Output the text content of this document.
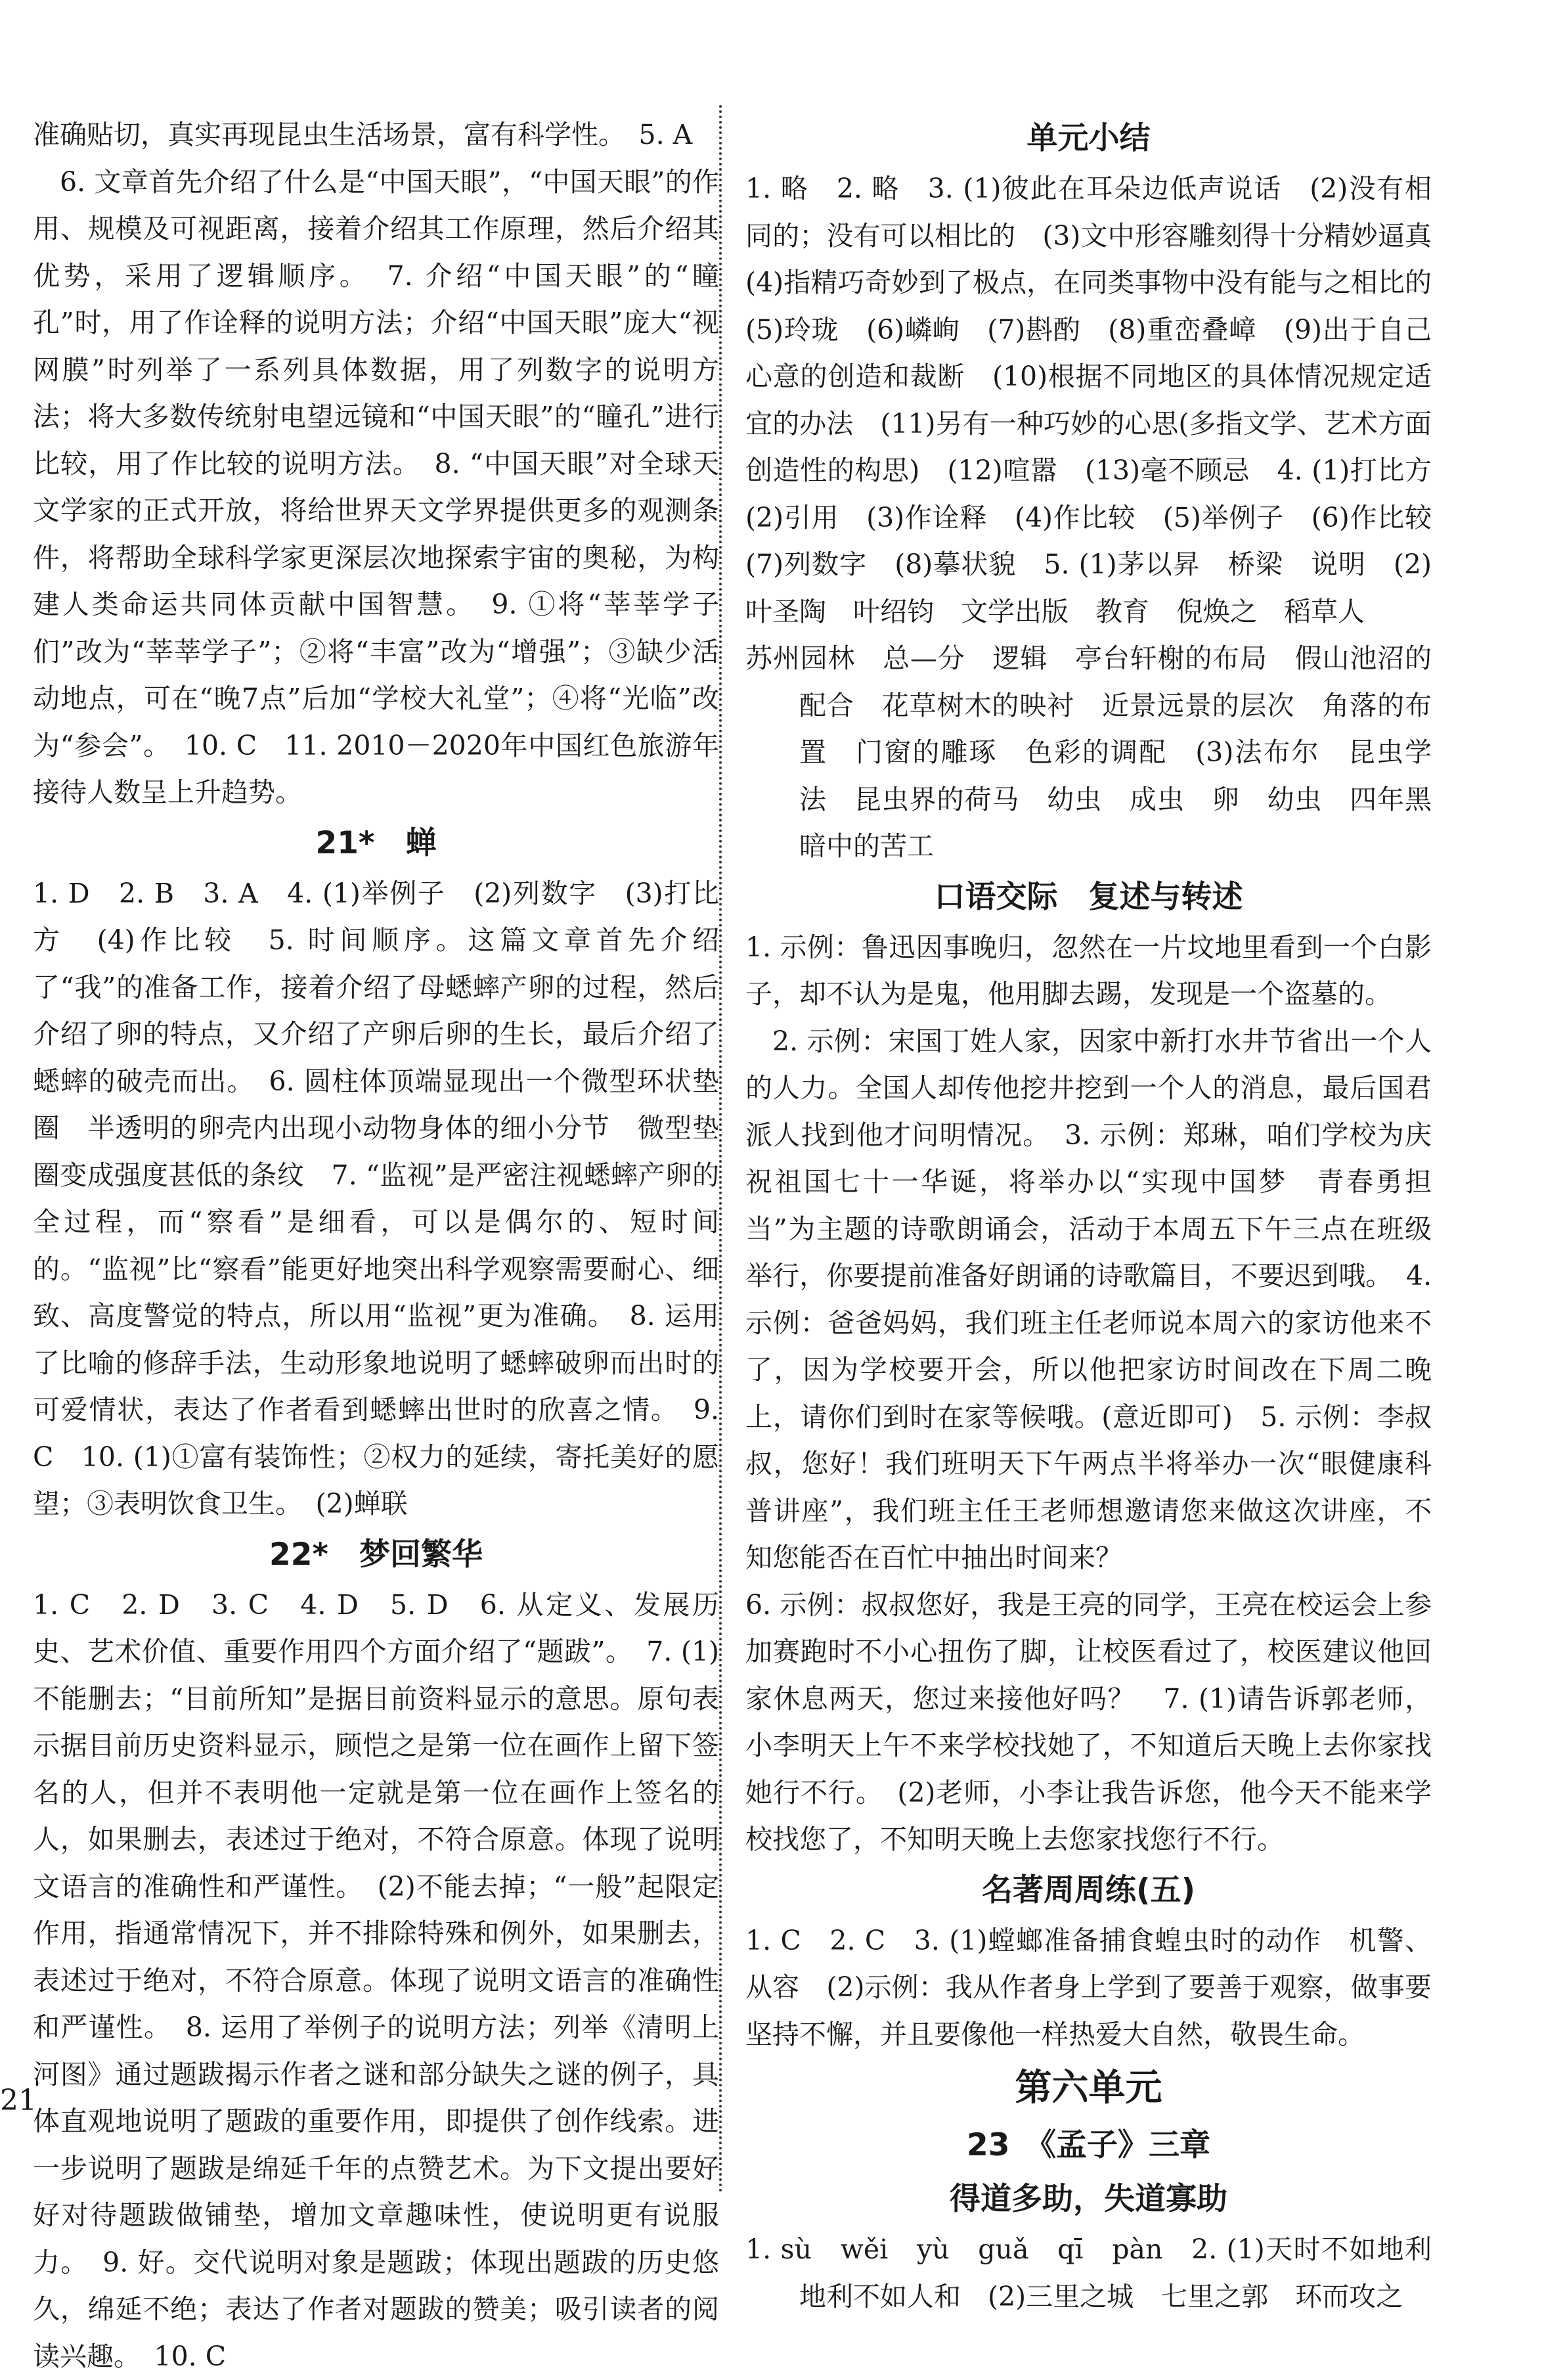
准确贴切，真实再现昆虫生活场景，富有科学性。　5. A

6. 文章首先介绍了什么是“中国天眼”，“中国天眼”的作用、规模及可视距离，接着介绍其工作原理，然后介绍其优势，采用了逻辑顺序。　7. 介绍“中国天眼”的“瞳孔”时，用了作诠释的说明方法；介绍“中国天眼”庞大“视网膜”时列举了一系列具体数据，用了列数字的说明方法；将大多数传统射电望远镜和“中国天眼”的“瞳孔”进行比较，用了作比较的说明方法。　8. “中国天眼”对全球天文学家的正式开放，将给世界天文学界提供更多的观测条件，将帮助全球科学家更深层次地探索宇宙的奥秘，为构建人类命运共同体贡献中国智慧。　9. ①将“莘莘学子们”改为“莘莘学子”；②将“丰富”改为“增强”；③缺少活动地点，可在“晚7点”后加“学校大礼堂”；④将“光临”改为“参会”。　10. C　11. 2010－2020年中国红色旅游年接待人数呈上升趋势。

21*　蝉

1. D　2. B　3. A　4. (1)举例子　(2)列数字　(3)打比方　(4)作比较　5. 时间顺序。这篇文章首先介绍了“我”的准备工作，接着介绍了母蟋蟀产卵的过程，然后介绍了卵的特点，又介绍了产卵后卵的生长，最后介绍了蟋蟀的破壳而出。　6. 圆柱体顶端显现出一个微型环状垫圈　半透明的卵壳内出现小动物身体的细小分节　微型垫圈变成强度甚低的条纹　7. “监视”是严密注视蟋蟀产卵的全过程，而“察看”是细看，可以是偶尔的、短时间的。“监视”比“察看”能更好地突出科学观察需要耐心、细致、高度警觉的特点，所以用“监视”更为准确。　8. 运用了比喻的修辞手法，生动形象地说明了蟋蟀破卵而出时的可爱情状，表达了作者看到蟋蟀出世时的欣喜之情。　9. C　10. (1)①富有装饰性；②权力的延续，寄托美好的愿望；③表明饮食卫生。　(2)蝉联

22*　梦回繁华

1. C　2. D　3. C　4. D　5. D　6. 从定义、发展历史、艺术价值、重要作用四个方面介绍了“题跋”。　7. (1)不能删去；“目前所知”是据目前资料显示的意思。原句表示据目前历史资料显示，顾恺之是第一位在画作上留下签名的人，但并不表明他一定就是第一位在画作上签名的人，如果删去，表述过于绝对，不符合原意。体现了说明文语言的准确性和严谨性。　(2)不能去掉；“一般”起限定作用，指通常情况下，并不排除特殊和例外，如果删去，表述过于绝对，不符合原意。体现了说明文语言的准确性和严谨性。　8. 运用了举例子的说明方法；列举《清明上河图》通过题跋揭示作者之谜和部分缺失之谜的例子，具体直观地说明了题跋的重要作用，即提供了创作线索。进一步说明了题跋是绵延千年的点赞艺术。为下文提出要好好对待题跋做铺垫，增加文章趣味性，使说明更有说服力。　9. 好。交代说明对象是题跋；体现出题跋的历史悠久，绵延不绝；表达了作者对题跋的赞美；吸引读者的阅读兴趣。　10. C

单元小结

1. 略　2. 略　3. (1)彼此在耳朵边低声说话　(2)没有相同的；没有可以相比的　(3)文中形容雕刻得十分精妙逼真　(4)指精巧奇妙到了极点，在同类事物中没有能与之相比的　(5)玲珑　(6)嶙峋　(7)斟酌　(8)重峦叠嶂　(9)出于自己心意的创造和裁断　(10)根据不同地区的具体情况规定适宜的办法　(11)另有一种巧妙的心思(多指文学、艺术方面创造性的构思)　(12)喧嚣　(13)毫不顾忌　4. (1)打比方　(2)引用　(3)作诠释　(4)作比较　(5)举例子　(6)作比较　(7)列数字　(8)摹状貌　5. (1)茅以昇　桥梁　说明　(2)叶圣陶　叶绍钧　文学出版　教育　倪焕之　稻草人

苏州园林　总—分　逻辑　亭台轩榭的布局　假山池沼的配合　花草树木的映衬　近景远景的层次　角落的布置　门窗的雕琢　色彩的调配　(3)法布尔　昆虫学　法　昆虫界的荷马　幼虫　成虫　卵　幼虫　四年黑暗中的苦工

口语交际　复述与转述

1. 示例：鲁迅因事晚归，忽然在一片坟地里看到一个白影子，却不认为是鬼，他用脚去踢，发现是一个盗墓的。

2. 示例：宋国丁姓人家，因家中新打水井节省出一个人的人力。全国人却传他挖井挖到一个人的消息，最后国君派人找到他才问明情况。　3. 示例：郑琳，咱们学校为庆祝祖国七十一华诞，将举办以“实现中国梦　青春勇担当”为主题的诗歌朗诵会，活动于本周五下午三点在班级举行，你要提前准备好朗诵的诗歌篇目，不要迟到哦。　4. 示例：爸爸妈妈，我们班主任老师说本周六的家访他来不了，因为学校要开会，所以他把家访时间改在下周二晚上，请你们到时在家等候哦。(意近即可)　5. 示例：李叔叔，您好！我们班明天下午两点半将举办一次“眼健康科普讲座”，我们班主任王老师想邀请您来做这次讲座，不知您能否在百忙中抽出时间来？

6. 示例：叔叔您好，我是王亮的同学，王亮在校运会上参加赛跑时不小心扭伤了脚，让校医看过了，校医建议他回家休息两天，您过来接他好吗？　7. (1)请告诉郭老师，小李明天上午不来学校找她了，不知道后天晚上去你家找她行不行。　(2)老师，小李让我告诉您，他今天不能来学校找您了，不知明天晚上去您家找您行不行。

名著周周练(五)

1. C　2. C　3. (1)螳螂准备捕食蝗虫时的动作　机警、从容　(2)示例：我从作者身上学到了要善于观察，做事要坚持不懈，并且要像他一样热爱大自然，敬畏生命。

第六单元
23　《孟子》三章
得道多助，失道寡助

1. sù　wěi　yù　guǎ　qī　pàn　2. (1)天时不如地利　地利不如人和　(2)三里之城　七里之郭　环而攻之

21
